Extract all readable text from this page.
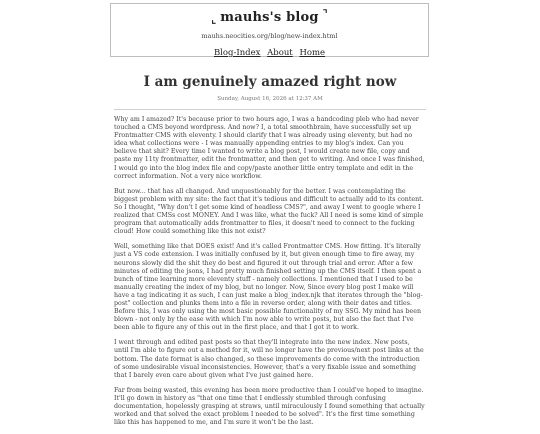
⌞ mauhs's blog ⌝
mauhs.neocities.org/blog/new-index.html
Blog-Index About Home
I am genuinely amazed right now
Sunday, August 16, 2026 at 12:37 AM

Why am I amazed? It's because prior to two hours ago, I was a handcoding pleb who had never touched a CMS beyond wordpress. And now? I, a total smoothbrain, have successfully set up Frontmatter CMS with eleventy. I should clarify that I was already using eleventy, but had no idea what collections were - I was manually appending entries to my blog's index. Can you believe that shit? Every time I wanted to write a blog post, I would create new file, copy and paste my 11ty frontmatter, edit the frontmatter, and then get to writing. And once I was finished, I would go into the blog index file and copy/paste another little entry template and edit in the correct information. Not a very nice workflow.

But now... that has all changed. And unquestionably for the better. I was contemplating the biggest problem with my site: the fact that it's tedious and difficult to actually add to its content. So I thought, "Why don't I get some kind of headless CMS?", and away I went to google where I realized that CMSs cost MONEY. And I was like, what the fuck? All I need is some kind of simple program that automatically adds frontmatter to files, it doesn't need to connect to the fucking cloud! How could something like this not exist?

Well, something like that DOES exist! And it's called Frontmatter CMS. How fitting. It's literally just a VS code extension. I was initially confused by it, but given enough time to fire away, my neurons slowly did the shit they do best and figured it out through trial and error. After a few minutes of editing the jsons, I had pretty much finished setting up the CMS itself. I then spent a bunch of time learning more eleventy stuff - namely collections. I mentioned that I used to be manually creating the index of my blog, but no longer. Now, Since every blog post I make will have a tag indicating it as such, I can just make a blog_index.njk that iterates through the "blog-post" collection and plunks them into a file in reverse order, along with their dates and titles. Before this, I was only using the most basic possible functionality of my SSG. My mind has been blown - not only by the ease with which I'm now able to write posts, but also the fact that I've been able to figure any of this out in the first place, and that I got it to work.

I went through and edited past posts so that they'll integrate into the new index. New posts, until I'm able to figure out a method for it, will no longer have the previous/next post links at the bottom. The date format is also changed, so these improvements do come with the introduction of some undesirable visual inconsistencies. However, that's a very fixable issue and something that I barely even care about given what I've just gained here.

Far from being wasted, this evening has been more productive than I could've hoped to imagine. It'll go down in history as "that one time that I endlessly stumbled through confusing documentation, hopelessly grasping at straws, until miraculously I found something that actually worked and that solved the exact problem I needed to be solved". It's the first time something like this has happened to me, and I'm sure it won't be the last.
